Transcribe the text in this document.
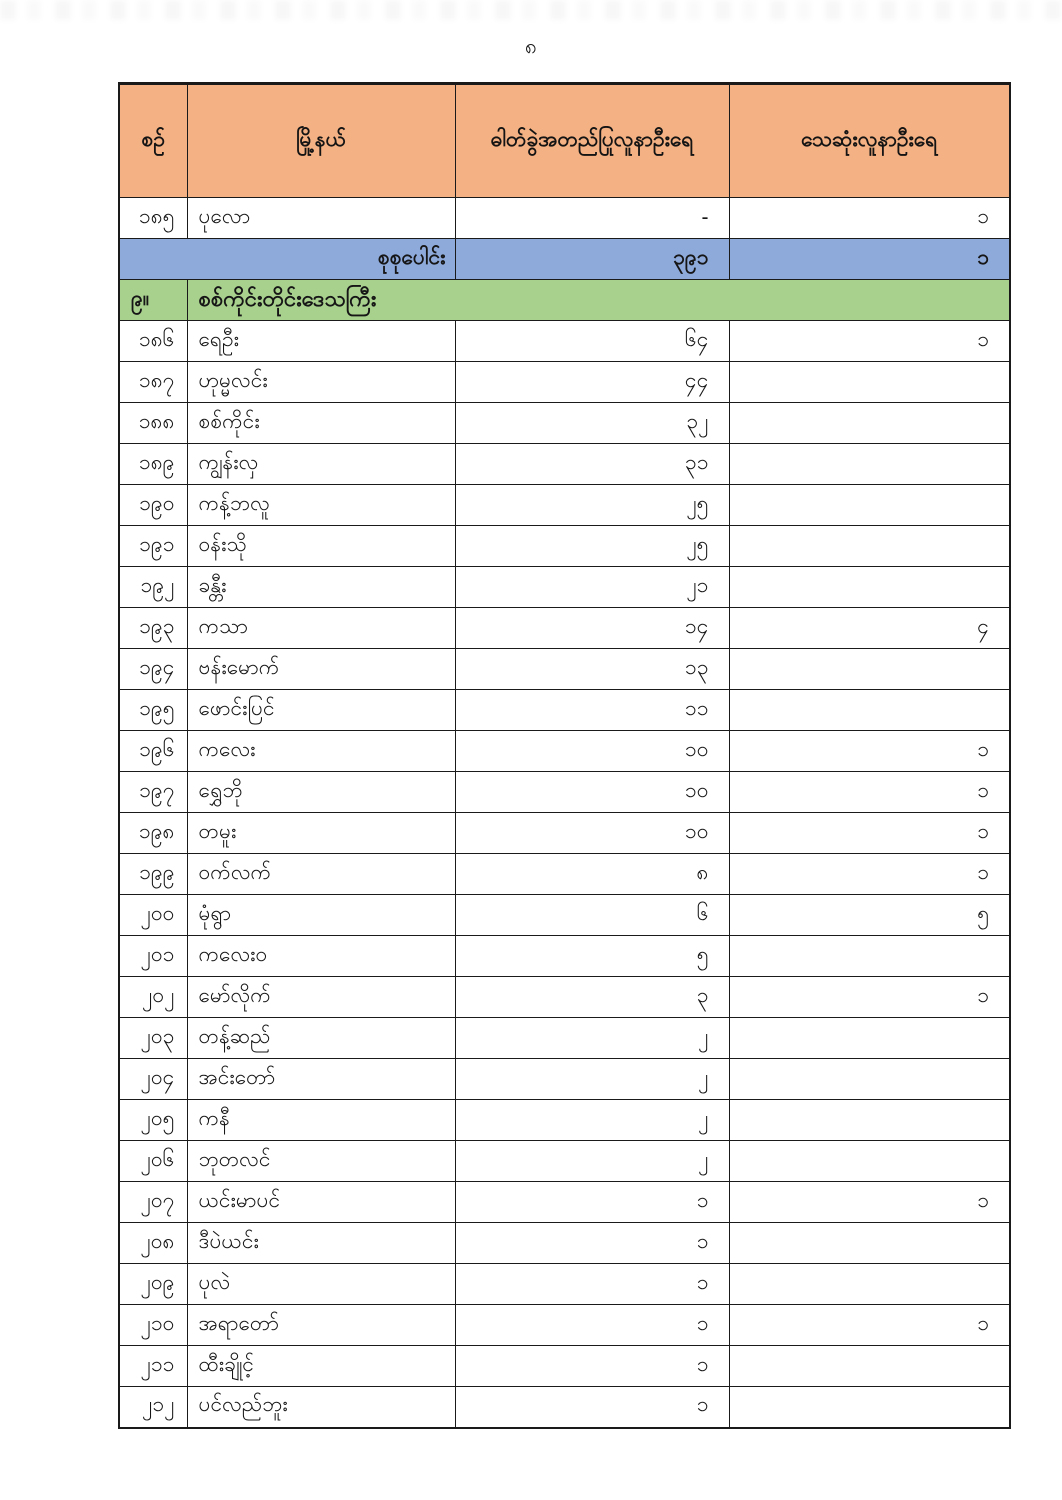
၈
စဉ်	မြို့နယ်	ဓါတ်ခွဲအတည်ပြုလူနာဦးရေ	သေဆုံးလူနာဦးရေ
၁၈၅	ပုလော	-	၁
စုစုပေါင်း		၃၉၁	၁
၉။	စစ်ကိုင်းတိုင်းဒေသကြီး		
၁၈၆	ရေဦး	၆၄	၁
၁၈၇	ဟုမ္မလင်း	၄၄	
၁၈၈	စစ်ကိုင်း	၃၂	
၁၈၉	ကျွန်းလှ	၃၁	
၁၉၀	ကန့်ဘလူ	၂၅	
၁၉၁	ဝန်းသို	၂၅	
၁၉၂	ခန္တီး	၂၁	
၁၉၃	ကသာ	၁၄	၄
၁၉၄	ဗန်းမောက်	၁၃	
၁၉၅	ဖောင်းပြင်	၁၁	
၁၉၆	ကလေး	၁၀	၁
၁၉၇	ရွှေဘို	၁၀	၁
၁၉၈	တမူး	၁၀	၁
၁၉၉	ဝက်လက်	၈	၁
၂၀၀	မုံရွာ	၆	၅
၂၀၁	ကလေးဝ	၅	
၂၀၂	မော်လိုက်	၃	၁
၂၀၃	တန့်ဆည်	၂	
၂၀၄	အင်းတော်	၂	
၂၀၅	ကနီ	၂	
၂၀၆	ဘုတလင်	၂	
၂၀၇	ယင်းမာပင်	၁	၁
၂၀၈	ဒီပဲယင်း	၁	
၂၀၉	ပုလဲ	၁	
၂၁၀	အရာတော်	၁	၁
၂၁၁	ထီးချိုင့်	၁	
၂၁၂	ပင်လည်ဘူး	၁	
